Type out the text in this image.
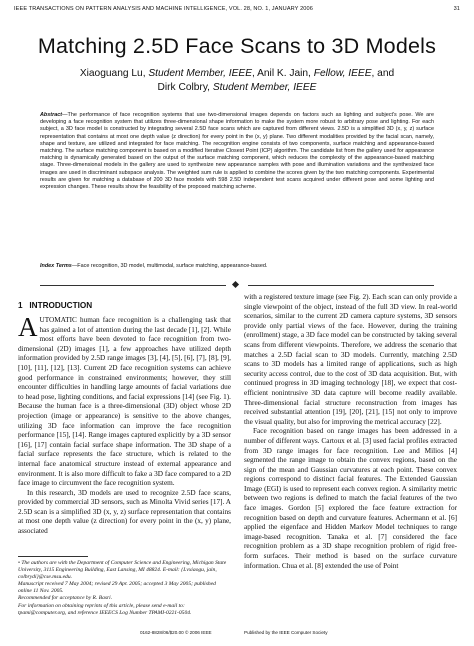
IEEE TRANSACTIONS ON PATTERN ANALYSIS AND MACHINE INTELLIGENCE, VOL. 28, NO. 1, JANUARY 2006	31
Matching 2.5D Face Scans to 3D Models
Xiaoguang Lu, Student Member, IEEE, Anil K. Jain, Fellow, IEEE, and
Dirk Colbry, Student Member, IEEE
Abstract—The performance of face recognition systems that use two-dimensional images depends on factors such as lighting and subject's pose. We are developing a face recognition system that utilizes three-dimensional shape information to make the system more robust to arbitrary pose and lighting. For each subject, a 3D face model is constructed by integrating several 2.5D face scans which are captured from different views. 2.5D is a simplified 3D (x, y, z) surface representation that contains at most one depth value (z direction) for every point in the (x, y) plane. Two different modalities provided by the facial scan, namely, shape and texture, are utilized and integrated for face matching. The recognition engine consists of two components, surface matching and appearance-based matching. The surface matching component is based on a modified Iterative Closest Point (ICP) algorithm. The candidate list from the gallery used for appearance matching is dynamically generated based on the output of the surface matching component, which reduces the complexity of the appearance-based matching stage. Three-dimensional models in the gallery are used to synthesize new appearance samples with pose and illumination variations and the synthesized face images are used in discriminant subspace analysis. The weighted sum rule is applied to combine the scores given by the two matching components. Experimental results are given for matching a database of 200 3D face models with 598 2.5D independent test scans acquired under different pose and some lighting and expression changes. These results show the feasibility of the proposed matching scheme.
Index Terms—Face recognition, 3D model, multimodal, surface matching, appearance-based.
1 INTRODUCTION

AUTOMATIC human face recognition is a challenging task that has gained a lot of attention during the last decade [1], [2]. While most efforts have been devoted to face recognition from two-dimensional (2D) images [1], a few approaches have utilized depth information provided by 2.5D range images [3], [4], [5], [6], [7], [8], [9], [10], [11], [12], [13]. Current 2D face recognition systems can achieve good performance in constrained environments; however, they still encounter difficulties in handling large amounts of facial variations due to head pose, lighting conditions, and facial expressions [14] (see Fig. 1). Because the human face is a three-dimensional (3D) object whose 2D projection (image or appearance) is sensitive to the above changes, utilizing 3D face information can improve the face recognition performance [15], [14]. Range images captured explicitly by a 3D sensor [16], [17] contain facial surface shape information. The 3D shape of a facial surface represents the face structure, which is related to the internal face anatomical structure instead of external appearance and environment. It is also more difficult to fake a 3D face compared to a 2D face image to circumvent the face recognition system.

In this research, 3D models are used to recognize 2.5D face scans, provided by commercial 3D sensors, such as Minolta Vivid series [17]. A 2.5D scan is a simplified 3D (x, y, z) surface representation that contains at most one depth value (z direction) for every point in the (x, y) plane, associated

with a registered texture image (see Fig. 2). Each scan can only provide a single viewpoint of the object, instead of the full 3D view. In real-world scenarios, similar to the current 2D camera capture systems, 3D sensors provide only partial views of the face. However, during the training (enrollment) stage, a 3D face model can be constructed by taking several scans from different viewpoints. Therefore, we address the scenario that matches a 2.5D facial scan to 3D models. Currently, matching 2.5D scans to 3D models has a limited range of applications, such as high security access control, due to the cost of 3D data acquisition. But, with continued progress in 3D imaging technology [18], we expect that cost-efficient nonintrusive 3D data capture will become readily available. Three-dimensional facial structure reconstruction from images has received substantial attention [19], [20], [21], [15] not only to improve the visual quality, but also for improving the metrical accuracy [22].

Face recognition based on range images has been addressed in a number of different ways. Cartoux et al. [3] used facial profiles extracted from 3D range images for face recognition. Lee and Milios [4] segmented the range image to obtain the convex regions, based on the sign of the mean and Gaussian curvatures at each point. These convex regions correspond to distinct facial features. The Extended Gaussian Image (EGI) is used to represent each convex region. A similarity metric between two regions is defined to match the facial features of the two face images. Gordon [5] explored the face feature extraction for recognition based on depth and curvature features. Achermann et al. [6] applied the eigenface and Hidden Markov Model techniques to range image-based recognition. Tanaka et al. [7] considered the face recognition problem as a 3D shape recognition problem of rigid free-form surfaces. Their method is based on the surface curvature information. Chua et al. [8] extended the use of Point

• The authors are with the Department of Computer Science and Engineering, Michigan State University, 3115 Engineering Building, East Lansing, MI 48824. E-mail: {Lvxiaogu, jain, colbrydi}@cse.msu.edu.

Manuscript received 7 May 2004; revised 29 Apr. 2005; accepted 3 May 2005; published online 11 Nov. 2005.

Recommended for acceptance by R. Basri.

For information on obtaining reprints of this article, please send e-mail to: tpami@computer.org, and reference IEEECS Log Number TPAMI-0221-0504.

0162-8828/06/$20.00 © 2006 IEEE	Published by the IEEE Computer Society
